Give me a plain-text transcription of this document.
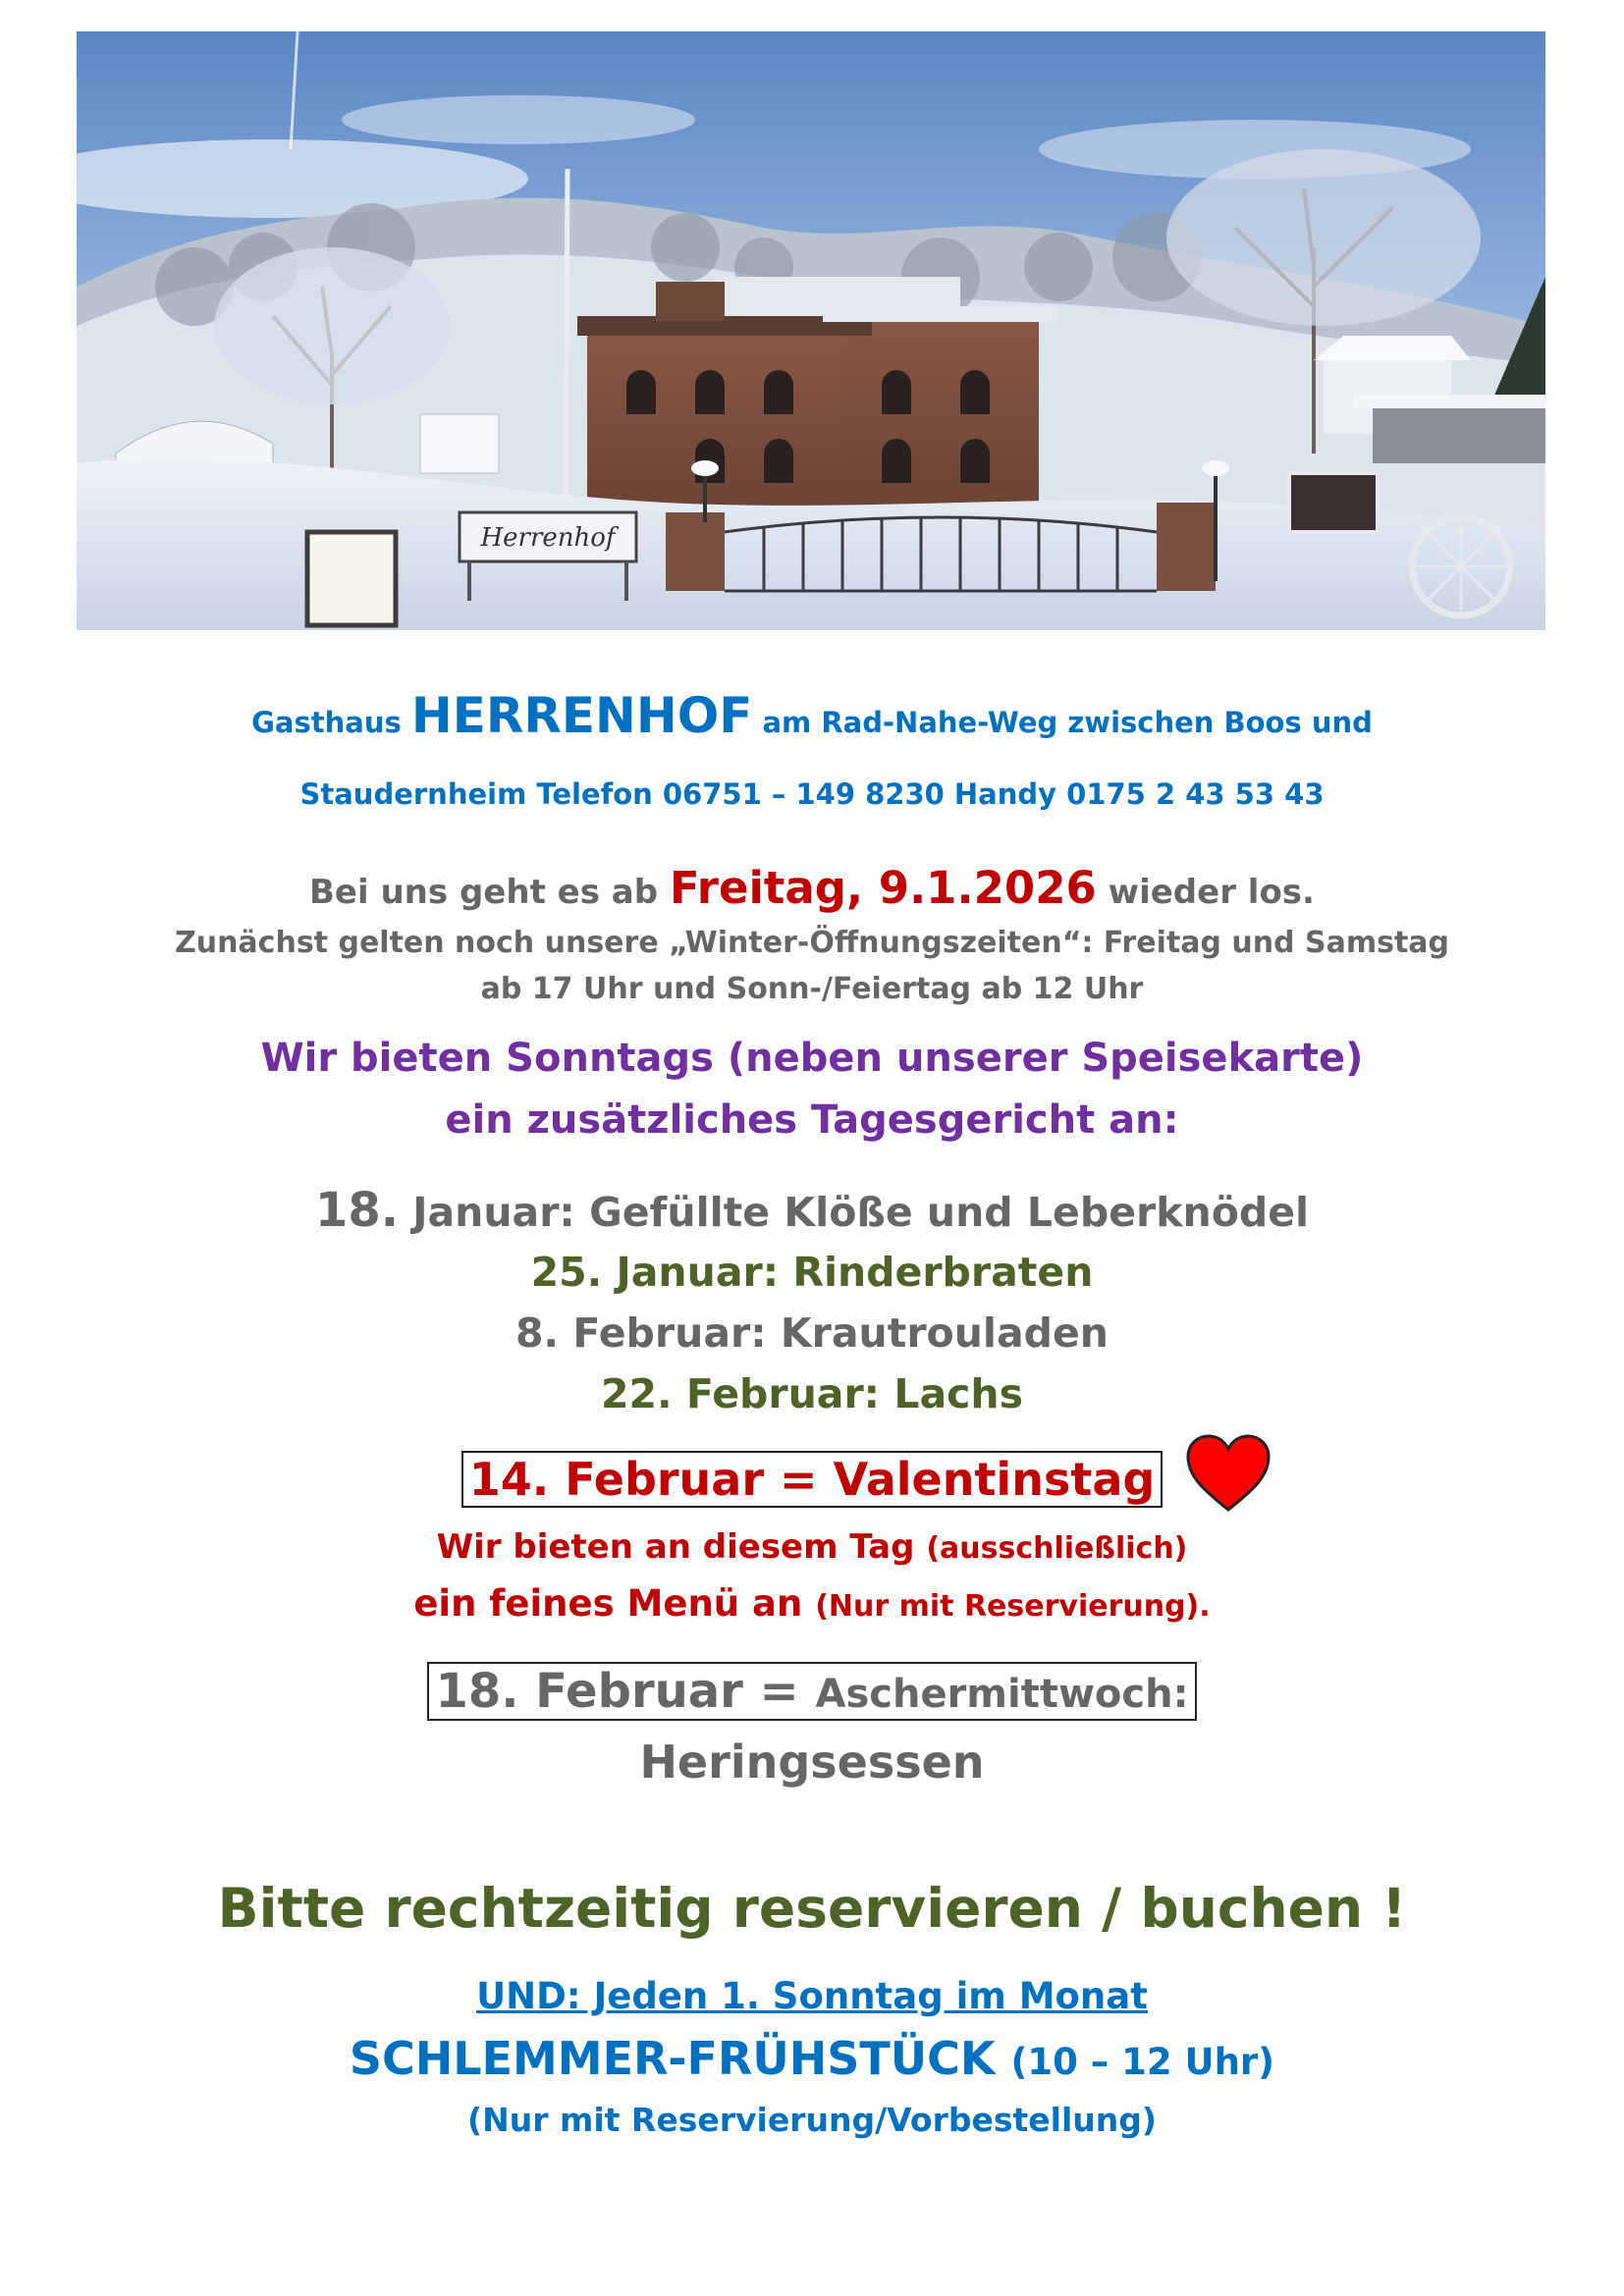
Herrenhof
Gasthaus HERRENHOF am Rad-Nahe-Weg zwischen Boos und
Staudernheim Telefon 06751 – 149 8230 Handy 0175 2 43 53 43
Bei uns geht es ab Freitag, 9.1.2026 wieder los.
Zunächst gelten noch unsere „Winter-Öffnungszeiten“: Freitag und Samstag
ab 17 Uhr und Sonn-/Feiertag ab 12 Uhr
Wir bieten Sonntags (neben unserer Speisekarte)
ein zusätzliches Tagesgericht an:
18. Januar: Gefüllte Klöße und Leberknödel
25. Januar: Rinderbraten
8. Februar: Krautrouladen
22. Februar: Lachs
14. Februar = Valentinstag
Wir bieten an diesem Tag (ausschließlich)
ein feines Menü an (Nur mit Reservierung).
18. Februar = Aschermittwoch:
Heringsessen
Bitte rechtzeitig reservieren / buchen !
UND: Jeden 1. Sonntag im Monat
SCHLEMMER-FRÜHSTÜCK (10 – 12 Uhr)
(Nur mit Reservierung/Vorbestellung)
